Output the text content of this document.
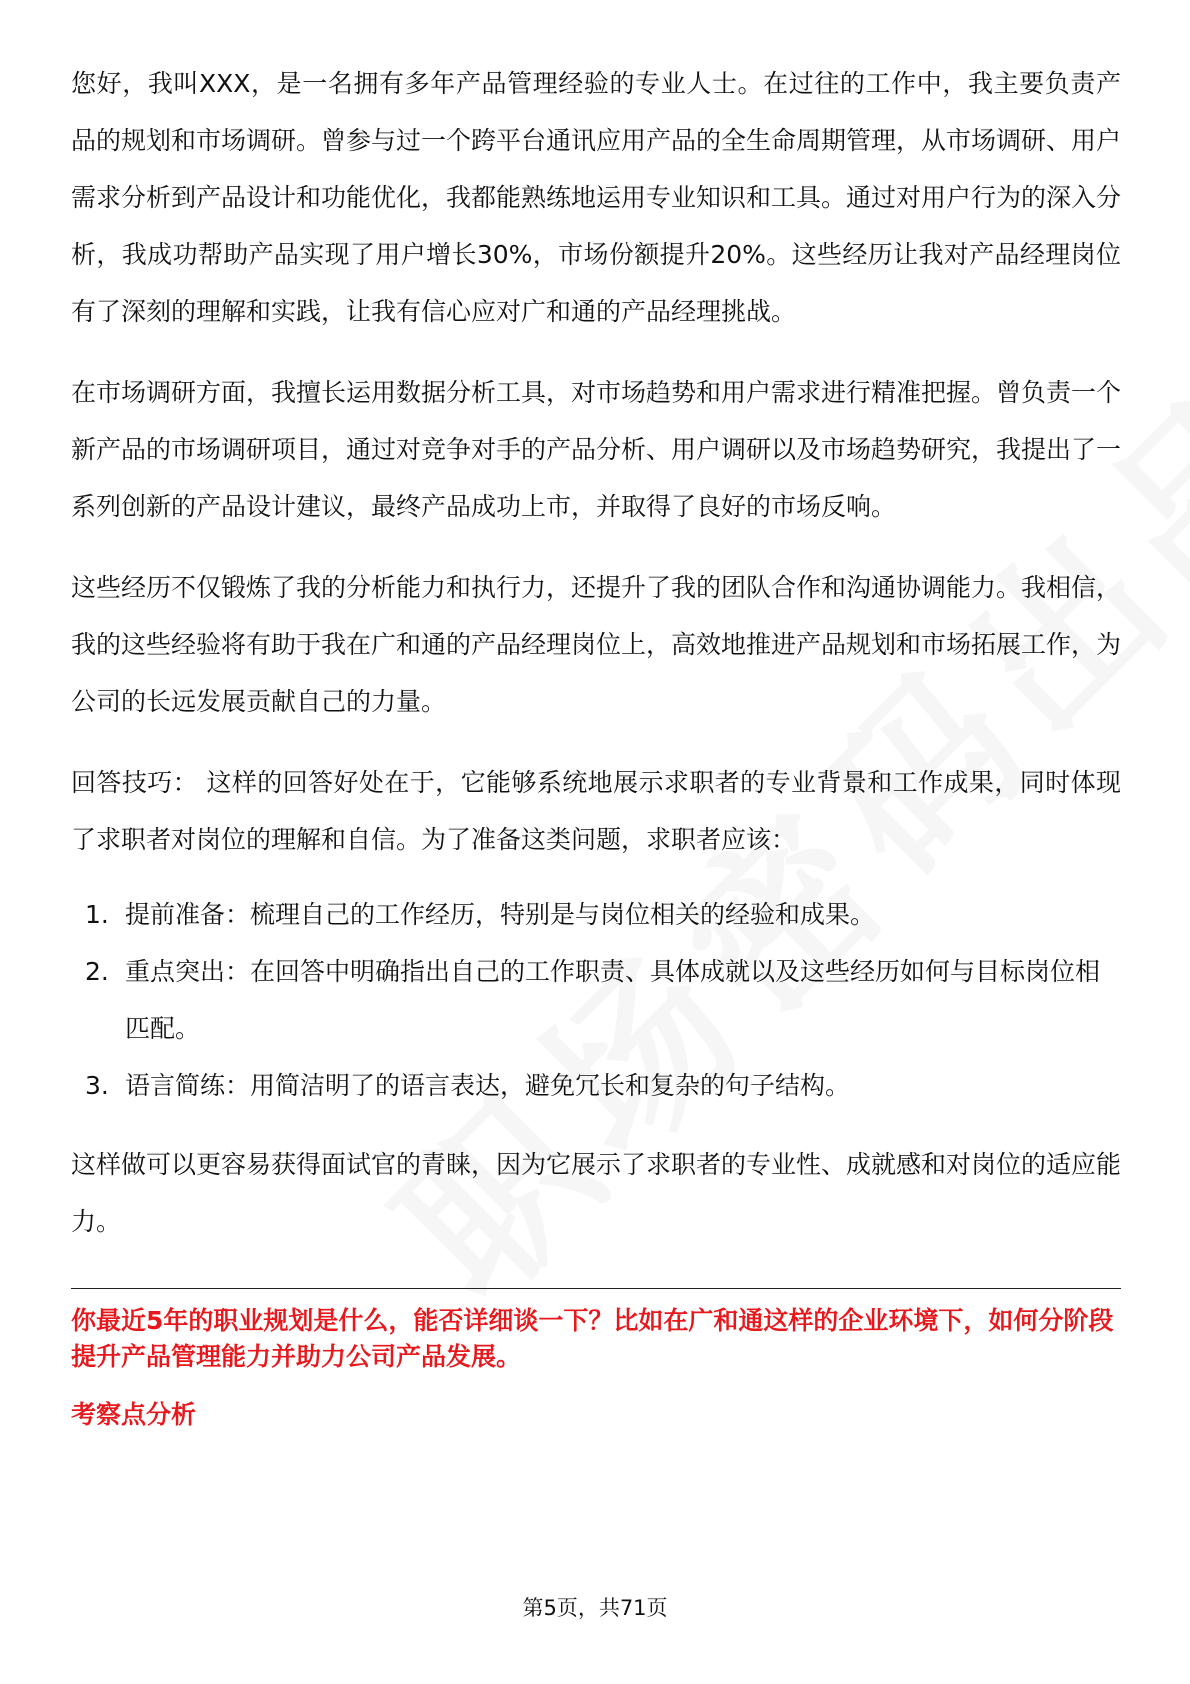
您好，我叫XXX，是一名拥有多年产品管理经验的专业人士。在过往的工作中，我主要负责产品的规划和市场调研。曾参与过一个跨平台通讯应用产品的全生命周期管理，从市场调研、用户需求分析到产品设计和功能优化，我都能熟练地运用专业知识和工具。通过对用户行为的深入分析，我成功帮助产品实现了用户增长30%，市场份额提升20%。这些经历让我对产品经理岗位有了深刻的理解和实践，让我有信心应对广和通的产品经理挑战。

在市场调研方面，我擅长运用数据分析工具，对市场趋势和用户需求进行精准把握。曾负责一个新产品的市场调研项目，通过对竞争对手的产品分析、用户调研以及市场趋势研究，我提出了一系列创新的产品设计建议，最终产品成功上市，并取得了良好的市场反响。

这些经历不仅锻炼了我的分析能力和执行力，还提升了我的团队合作和沟通协调能力。我相信，我的这些经验将有助于我在广和通的产品经理岗位上，高效地推进产品规划和市场拓展工作，为公司的长远发展贡献自己的力量。

回答技巧： 这样的回答好处在于，它能够系统地展示求职者的专业背景和工作成果，同时体现了求职者对岗位的理解和自信。为了准备这类问题，求职者应该：

1. 提前准备：梳理自己的工作经历，特别是与岗位相关的经验和成果。
2. 重点突出：在回答中明确指出自己的工作职责、具体成就以及这些经历如何与目标岗位相匹配。
3. 语言简练：用简洁明了的语言表达，避免冗长和复杂的句子结构。

这样做可以更容易获得面试官的青睐，因为它展示了求职者的专业性、成就感和对岗位的适应能力。

你最近5年的职业规划是什么，能否详细谈一下？比如在广和通这样的企业环境下，如何分阶段提升产品管理能力并助力公司产品发展。
考察点分析
第5页，共71页
